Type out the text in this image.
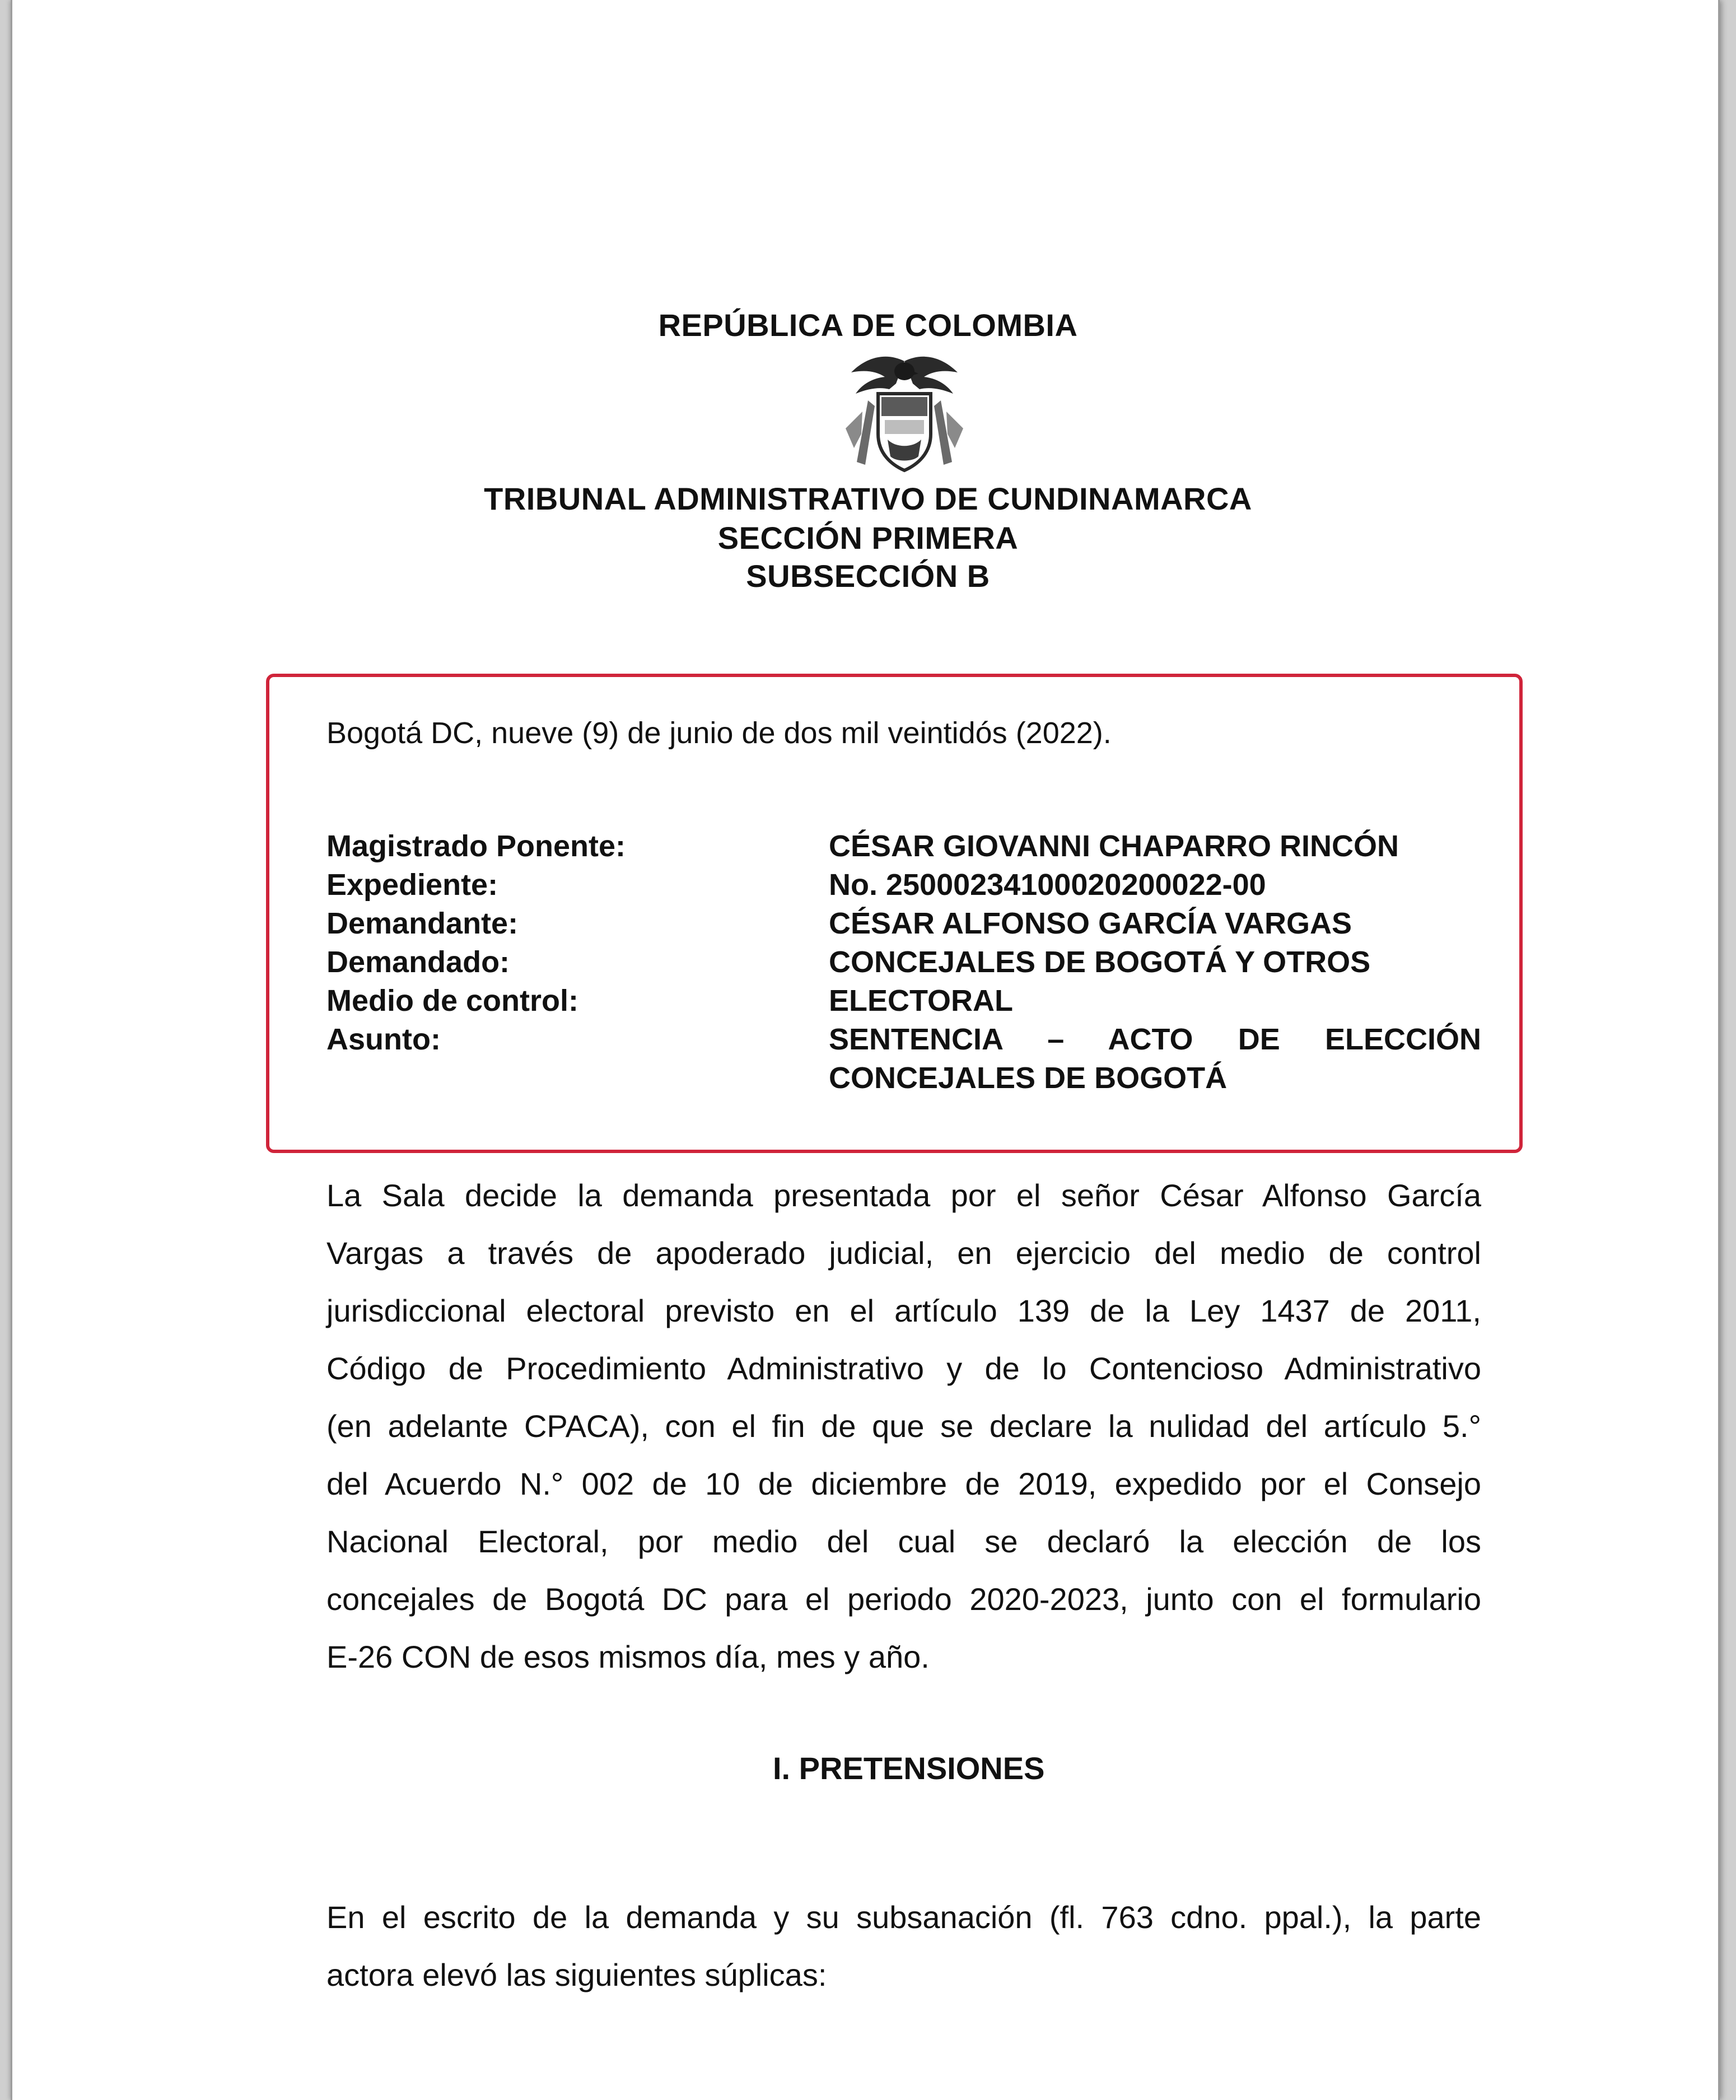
REPÚBLICA DE COLOMBIA
TRIBUNAL ADMINISTRATIVO DE CUNDINAMARCA
SECCIÓN PRIMERA
SUBSECCIÓN B
Bogotá DC, nueve (9) de junio de dos mil veintidós (2022).
Magistrado Ponente:	CÉSAR GIOVANNI CHAPARRO RINCÓN
Expediente:	No. 25000234100020200022-00
Demandante:	CÉSAR ALFONSO GARCÍA VARGAS
Demandado:	CONCEJALES DE BOGOTÁ Y OTROS
Medio de control:	ELECTORAL
Asunto:	SENTENCIA – ACTO DE ELECCIÓN
CONCEJALES DE BOGOTÁ
La Sala decide la demanda presentada por el señor César Alfonso García
Vargas a través de apoderado judicial, en ejercicio del medio de control
jurisdiccional electoral previsto en el artículo 139 de la Ley 1437 de 2011,
Código de Procedimiento Administrativo y de lo Contencioso Administrativo
(en adelante CPACA), con el fin de que se declare la nulidad del artículo 5.°
del Acuerdo N.° 002 de 10 de diciembre de 2019, expedido por el Consejo
Nacional Electoral, por medio del cual se declaró la elección de los
concejales de Bogotá DC para el periodo 2020-2023, junto con el formulario
E-26 CON de esos mismos día, mes y año.
I. PRETENSIONES
En el escrito de la demanda y su subsanación (fl. 763 cdno. ppal.), la parte
actora elevó las siguientes súplicas:
